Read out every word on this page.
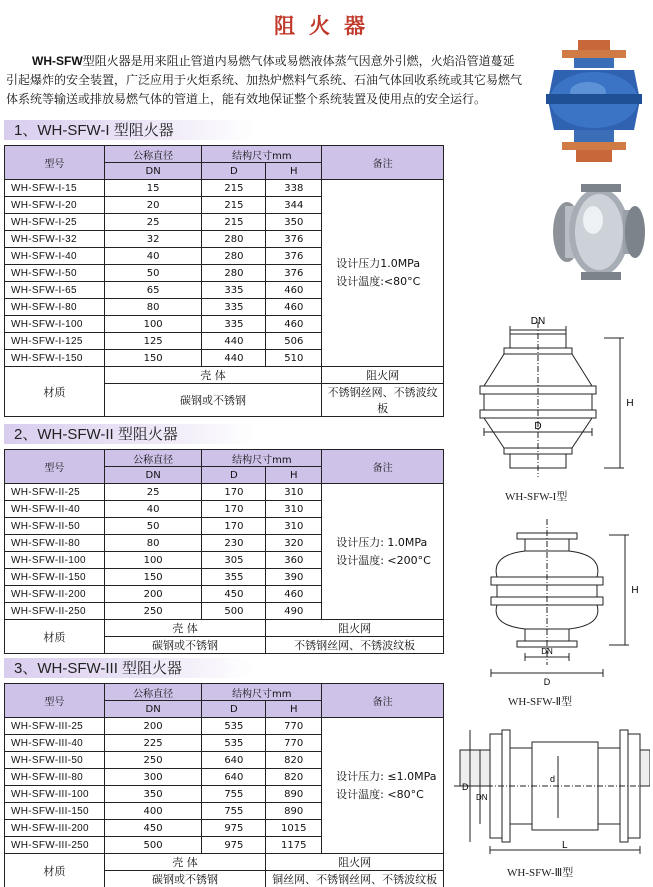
阻火器
WH-SFW型阻火器是用来阻止管道内易燃气体或易燃液体蒸气因意外引燃，火焰沿管道蔓延
引起爆炸的安全装置，广泛应用于火炬系统、加热炉燃料气系统、石油气体回收系统或其它易燃气
体系统等输送或排放易燃气体的管道上，能有效地保证整个系统装置及使用点的安全运行。
1、WH-SFW-I 型阻火器
型号	公称直径	结构尺寸mm		备注
	DN	D	H	
WH-SFW-I-15	15	215	338	设计压力1.0MPa
设计温度:<80°C

WH-SFW-I-20	20	215	344	
WH-SFW-I-25	25	215	350	
WH-SFW-I-32	32	280	376	
WH-SFW-I-40	40	280	376	
WH-SFW-I-50	50	280	376	
WH-SFW-I-65	65	335	460	
WH-SFW-I-80	80	335	460	
WH-SFW-I-100	100	335	460	
WH-SFW-I-125	125	440	506	
WH-SFW-I-150	150	440	510	
材质	壳 体			阻火网
	碳钢或不锈钢			不锈钢丝网、不锈波纹板
2、WH-SFW-II 型阻火器
型号	公称直径	结构尺寸mm		备注
	DN	D	H	
WH-SFW-II-25	25	170	310	设计压力: 1.0MPa
设计温度: <200°C

WH-SFW-II-40	40	170	310	
WH-SFW-II-50	50	170	310	
WH-SFW-II-80	80	230	320	
WH-SFW-II-100	100	305	360	
WH-SFW-II-150	150	355	390	
WH-SFW-II-200	200	450	460	
WH-SFW-II-250	250	500	490	
材质	壳 体		阻火网	
	碳钢或不锈钢		不锈钢丝网、不锈波纹板	
3、WH-SFW-III 型阻火器
型号	公称直径	结构尺寸mm		备注
	DN	D	H	
WH-SFW-III-25	200	535	770	设计压力: ≤1.0MPa
设计温度: <80°C

WH-SFW-III-40	225	535	770	
WH-SFW-III-50	250	640	820	
WH-SFW-III-80	300	640	820	
WH-SFW-III-100	350	755	890	
WH-SFW-III-150	400	755	890	
WH-SFW-III-200	450	975	1015	
WH-SFW-III-250	500	975	1175	
材质	壳 体		阻火网	
	碳钢或不锈钢		铜丝网、不锈钢丝网、不锈波纹板	
DN
D
H
WH-SFW-I型
DN
D
H
WH-SFW-Ⅱ型
D
DN
d
L
WH-SFW-Ⅲ型
